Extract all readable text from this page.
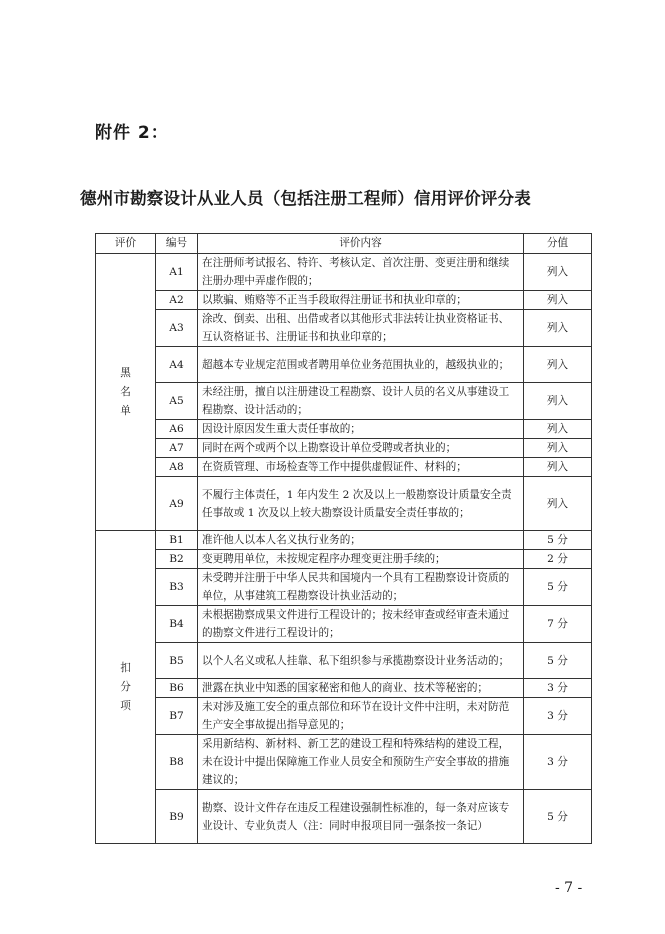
附件 2：
德州市勘察设计从业人员（包括注册工程师）信用评价评分表
评价	编号	评价内容	分值
黑名单	A1	在注册师考试报名、特许、考核认定、首次注册、变更注册和继续注册办理中弄虚作假的；	列入
	A2	以欺骗、贿赂等不正当手段取得注册证书和执业印章的；	列入
	A3	涂改、倒卖、出租、出借或者以其他形式非法转让执业资格证书、互认资格证书、注册证书和执业印章的；	列入
	A4	超越本专业规定范围或者聘用单位业务范围执业的，越级执业的；	列入
	A5	未经注册，擅自以注册建设工程勘察、设计人员的名义从事建设工程勘察、设计活动的；	列入
	A6	因设计原因发生重大责任事故的；	列入
	A7	同时在两个或两个以上勘察设计单位受聘或者执业的；	列入
	A8	在资质管理、市场检查等工作中提供虚假证件、材料的；	列入
	A9	不履行主体责任，1 年内发生 2 次及以上一般勘察设计质量安全责任事故或 1 次及以上较大勘察设计质量安全责任事故的；	列入
扣分项	B1	准许他人以本人名义执行业务的；	5 分
	B2	变更聘用单位，未按规定程序办理变更注册手续的；	2 分
	B3	未受聘并注册于中华人民共和国境内一个具有工程勘察设计资质的单位，从事建筑工程勘察设计执业活动的；	5 分
	B4	未根据勘察成果文件进行工程设计的；按未经审查或经审查未通过的勘察文件进行工程设计的；	7 分
	B5	以个人名义或私人挂靠、私下组织参与承揽勘察设计业务活动的；	5 分
	B6	泄露在执业中知悉的国家秘密和他人的商业、技术等秘密的；	3 分
	B7	未对涉及施工安全的重点部位和环节在设计文件中注明，未对防范生产安全事故提出指导意见的；	3 分
	B8	采用新结构、新材料、新工艺的建设工程和特殊结构的建设工程，未在设计中提出保障施工作业人员安全和预防生产安全事故的措施建议的；	3 分
	B9	勘察、设计文件存在违反工程建设强制性标准的，每一条对应该专业设计、专业负责人（注：同时申报项目同一强条按一条记）	5 分
- 7 -
